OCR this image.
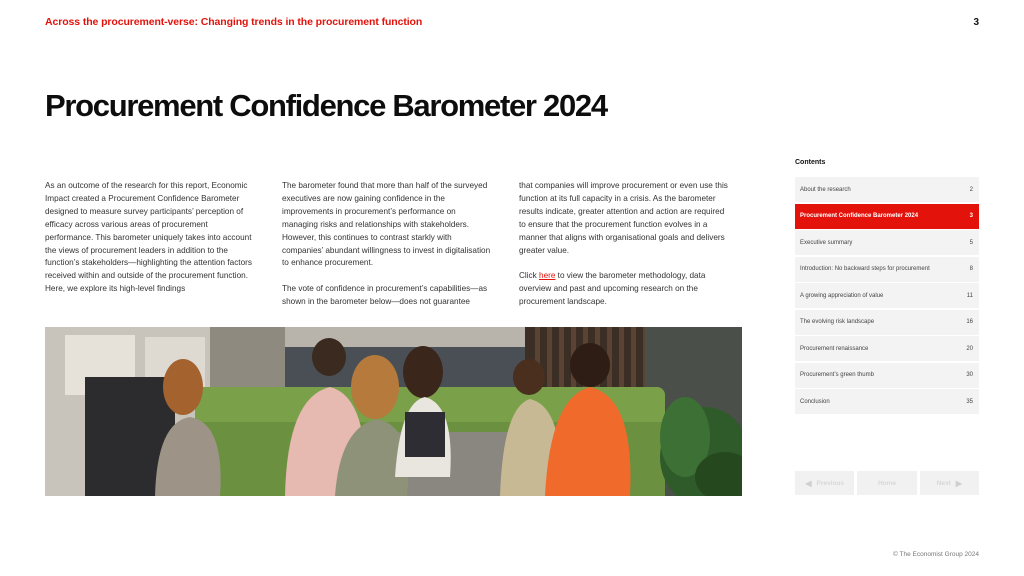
Across the procurement-verse: Changing trends in the procurement function	3
Procurement Confidence Barometer 2024

As an outcome of the research for this report, Economic Impact created a Procurement Confidence Barometer designed to measure survey participants’ perception of efficacy across various areas of procurement performance. This barometer uniquely takes into account the views of procurement leaders in addition to the function’s stakeholders—highlighting the attention factors received within and outside of the procurement function. Here, we explore its high-level findings

The barometer found that more than half of the surveyed executives are now gaining confidence in the improvements in procurement’s performance on managing risks and relationships with stakeholders. However, this continues to contrast starkly with companies’ abundant willingness to invest in digitalisation to enhance procurement.

The vote of confidence in procurement’s capabilities—as shown in the barometer below—does not guarantee

that companies will improve procurement or even use this function at its full capacity in a crisis. As the barometer results indicate, greater attention and action are required to ensure that the procurement function evolves in a manner that aligns with organisational goals and delivers greater value.

Click here to view the barometer methodology, data overview and past and upcoming research on the procurement landscape.

Contents
About the research	2
Procurement Confidence Barometer 2024	3
Executive summary	5
Introduction: No backward steps for procurement	8
A growing appreciation of value	11
The evolving risk landscape	16
Procurement renaissance	20
Procurement’s green thumb	30
Conclusion	35
◀ Previous	Home	Next ▶
© The Economist Group 2024
